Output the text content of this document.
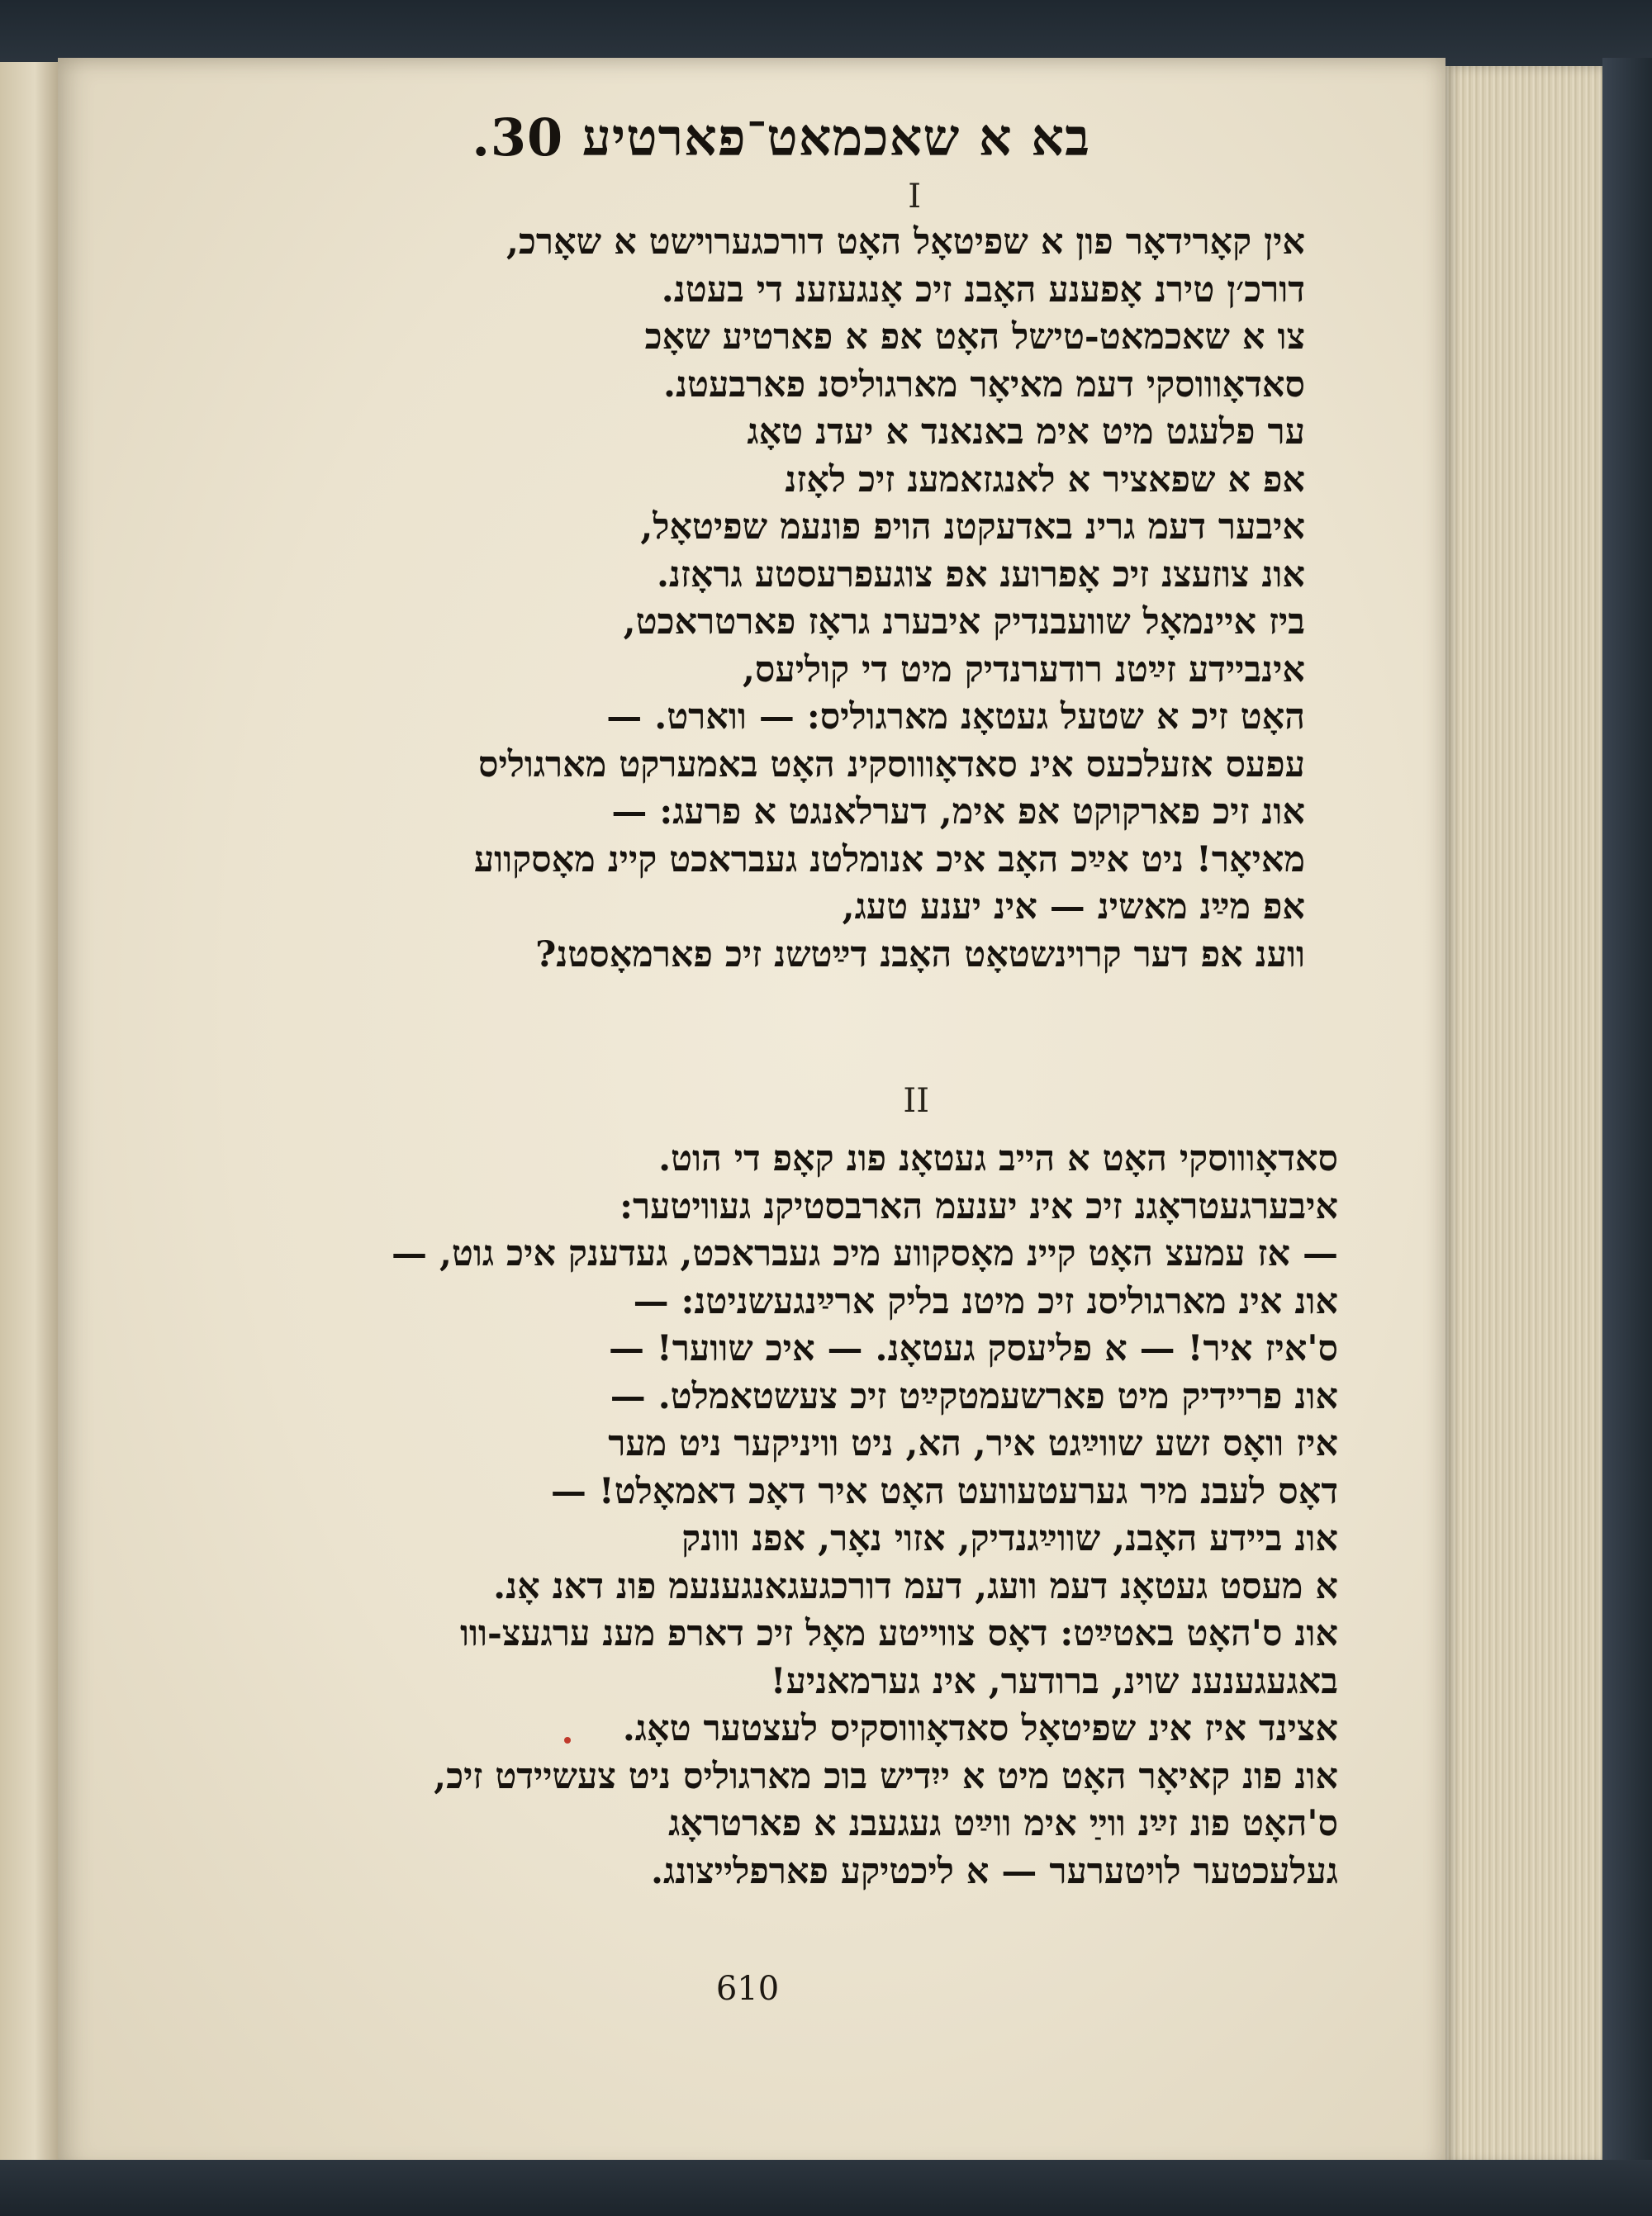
בא א שאכמאט־פארטיע 30.
I
אין קאָרידאָר פון א שפיטאָל האָט דורכגערוישט א שאָרכ,
דורכ׳ן טירנ אָפענע האָבנ זיכ אָנגעזענ די בעטנ.
צו א שאכמאט-טישל האָט אפ א פארטיע שאָכ
סאדאָוווסקי דעמ מאיאָר מארגוליסנ פארבעטנ.
ער פלעגט מיט אימ באנאנד א יעדנ טאָג
אפ א שפאציר א לאנגזאמענ זיכ לאָזנ
איבער דעמ גרינ באדעקטנ הויפ פונעמ שפיטאָל,
אונ צוזעצנ זיכ אָפרוענ אפ צוגעפרעסטע גראָזנ.
ביז איינמאָל שוועבנדיק איבערנ גראָז פארטראכט,
אינביידע זײַטנ רודערנדיק מיט די קוליעס,
האָט זיכ א שטעל געטאָנ מארגוליס: — ווארט. —
עפעס אזעלכעס אינ סאדאָוווסקינ האָט באמערקט מארגוליס
אונ זיכ פארקוקט אפ אימ, דערלאנגט א פרעג: —
מאיאָר! ניט אײַכ האָב איכ אנומלטנ געבראכט קיינ מאָסקווע
אפ מײַנ מאשינ — אינ יענע טעג,
ווענ אפ דער קרוינשטאָט האָבנ דײַטשנ זיכ פארמאָסטנ?
II
סאדאָוווסקי האָט א הייב געטאָנ פונ קאָפ די הוט.
איבערגעטראָגנ זיכ אינ יענעמ הארבסטיקנ געוויטער:
— אז עמעצ האָט קיינ מאָסקווע מיכ געבראכט, געדענק איכ גוט, —
אונ אינ מארגוליסנ זיכ מיטנ בליק ארײַנגעשניטנ: —
ס'איז איר! — א פליעסק געטאָנ. — איכ שווער! —
אונ פריידיק מיט פארשעמטקײַט זיכ צעשטאמלט. —
איז וואָס זשע שווײַגט איר, הא, ניט וויניקער ניט מער
דאָס לעבנ מיר גערעטעוועט האָט איר דאָכ דאמאָלט! —
אונ ביידע האָבנ, שווײַגנדיק, אזוי נאָר, אפנ ווונק
א מעסט געטאָנ דעמ וועג, דעמ דורכגעגאנגענעמ פונ דאנ אָנ.
אונ ס'האָט באטײַט: דאָס צווייטע מאָל זיכ דארפ מענ ערגעצ-ווו
באגעגענענ שוינ, ברודער, אינ גערמאניע!
אצינד איז אינ שפיטאָל סאדאָוווסקיס לעצטער טאָג.
אונ פונ קאיאָר האָט מיט א ייִדיש בוכ מארגוליס ניט צעשיידט זיכ,
ס'האָט פונ זײַנ ווײַ אימ ווײַט געגעבנ א פארטראָג
געלעכטער לויטערער — א ליכטיקע פארפלייצונג.
610
